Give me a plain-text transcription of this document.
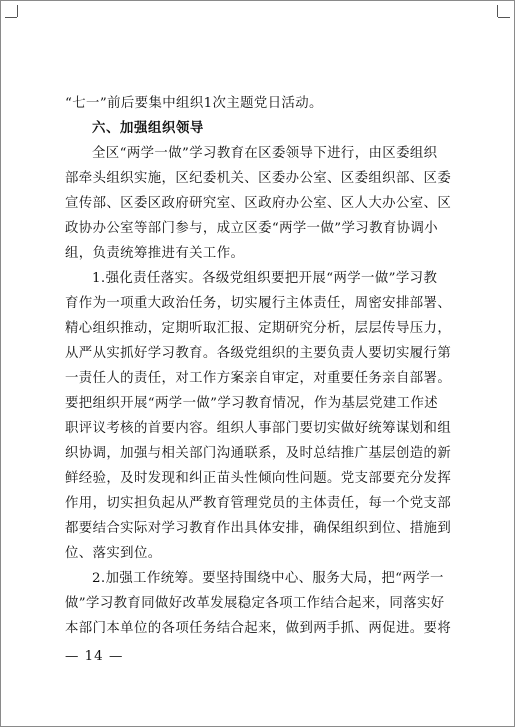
“七一”前后要集中组织1次主题党日活动。
六、加强组织领导
全区“两学一做”学习教育在区委领导下进行，由区委组织
部牵头组织实施，区纪委机关、区委办公室、区委组织部、区委
宣传部、区委区政府研究室、区政府办公室、区人大办公室、区
政协办公室等部门参与，成立区委“两学一做”学习教育协调小
组，负责统筹推进有关工作。
1.强化责任落实。各级党组织要把开展“两学一做”学习教
育作为一项重大政治任务，切实履行主体责任，周密安排部署、
精心组织推动，定期听取汇报、定期研究分析，层层传导压力，
从严从实抓好学习教育。各级党组织的主要负责人要切实履行第
一责任人的责任，对工作方案亲自审定，对重要任务亲自部署。
要把组织开展“两学一做”学习教育情况，作为基层党建工作述
职评议考核的首要内容。组织人事部门要切实做好统筹谋划和组
织协调，加强与相关部门沟通联系，及时总结推广基层创造的新
鲜经验，及时发现和纠正苗头性倾向性问题。党支部要充分发挥
作用，切实担负起从严教育管理党员的主体责任，每一个党支部
都要结合实际对学习教育作出具体安排，确保组织到位、措施到
位、落实到位。
2.加强工作统筹。要坚持围绕中心、服务大局，把“两学一
做”学习教育同做好改革发展稳定各项工作结合起来，同落实好
本部门本单位的各项任务结合起来，做到两手抓、两促进。要将
— 14 —
